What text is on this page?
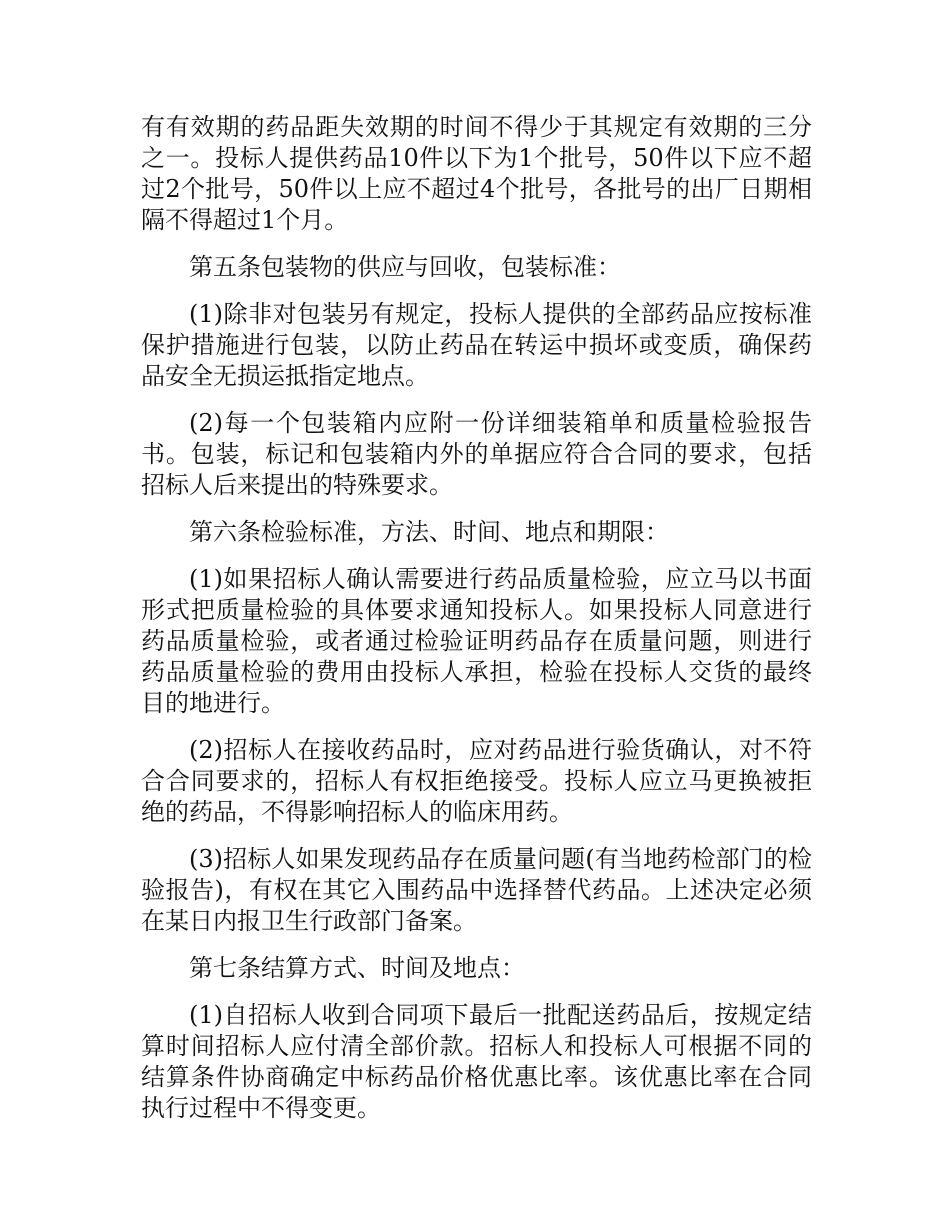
有有效期的药品距失效期的时间不得少于其规定有效期的三分之一。投标人提供药品10件以下为1个批号，50件以下应不超过2个批号，50件以上应不超过4个批号，各批号的出厂日期相隔不得超过1个月。

第五条包装物的供应与回收，包装标准：

(1)除非对包装另有规定，投标人提供的全部药品应按标准保护措施进行包装，以防止药品在转运中损坏或变质，确保药品安全无损运抵指定地点。

(2)每一个包装箱内应附一份详细装箱单和质量检验报告书。包装，标记和包装箱内外的单据应符合合同的要求，包括招标人后来提出的特殊要求。

第六条检验标准，方法、时间、地点和期限：

(1)如果招标人确认需要进行药品质量检验，应立马以书面形式把质量检验的具体要求通知投标人。如果投标人同意进行药品质量检验，或者通过检验证明药品存在质量问题，则进行药品质量检验的费用由投标人承担，检验在投标人交货的最终目的地进行。

(2)招标人在接收药品时，应对药品进行验货确认，对不符合合同要求的，招标人有权拒绝接受。投标人应立马更换被拒绝的药品，不得影响招标人的临床用药。

(3)招标人如果发现药品存在质量问题(有当地药检部门的检验报告)，有权在其它入围药品中选择替代药品。上述决定必须在某日内报卫生行政部门备案。

第七条结算方式、时间及地点：

(1)自招标人收到合同项下最后一批配送药品后，按规定结算时间招标人应付清全部价款。招标人和投标人可根据不同的结算条件协商确定中标药品价格优惠比率。该优惠比率在合同执行过程中不得变更。
